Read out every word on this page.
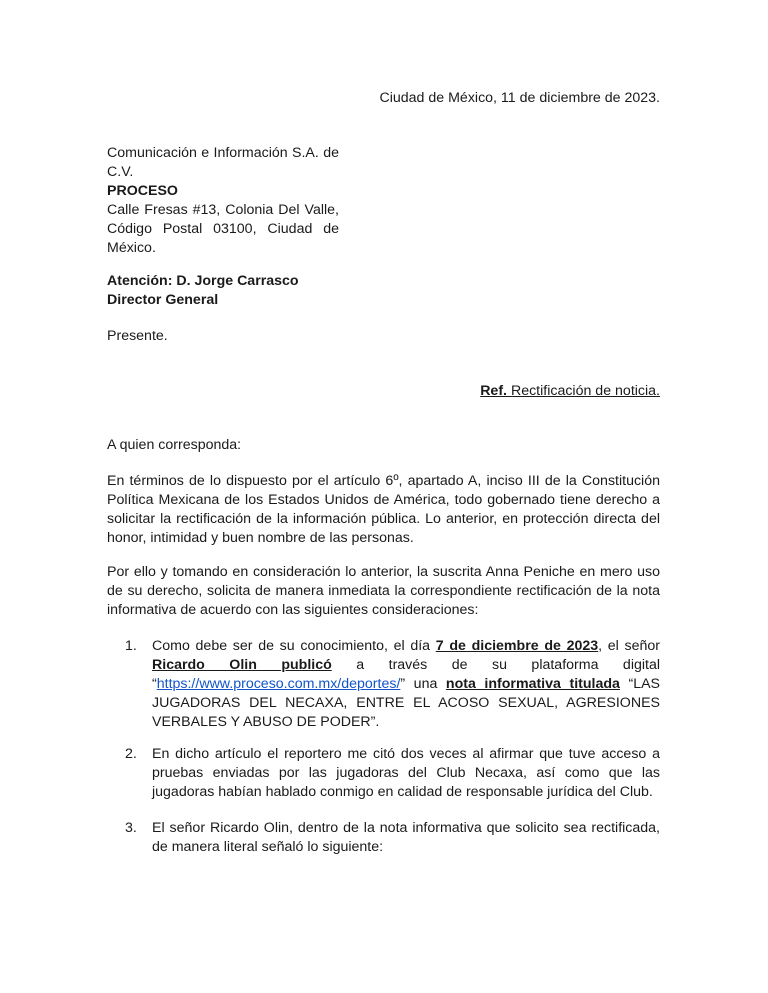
Ciudad de México, 11 de diciembre de 2023.
Comunicación e Información S.A. de C.V.
PROCESO
Calle Fresas #13, Colonia Del Valle, Código Postal 03100, Ciudad de México.
Atención: D. Jorge Carrasco
Director General
Presente.
Ref. Rectificación de noticia.
A quien corresponda:
En términos de lo dispuesto por el artículo 6º, apartado A, inciso III de la Constitución Política Mexicana de los Estados Unidos de América, todo gobernado tiene derecho a solicitar la rectificación de la información pública. Lo anterior, en protección directa del honor, intimidad y buen nombre de las personas.
Por ello y tomando en consideración lo anterior, la suscrita Anna Peniche en mero uso de su derecho, solicita de manera inmediata la correspondiente rectificación de la nota informativa de acuerdo con las siguientes consideraciones:
1. Como debe ser de su conocimiento, el día 7 de diciembre de 2023, el señor Ricardo Olin publicó a través de su plataforma digital “https://www.proceso.com.mx/deportes/” una nota informativa titulada “LAS JUGADORAS DEL NECAXA, ENTRE EL ACOSO SEXUAL, AGRESIONES VERBALES Y ABUSO DE PODER”.
2. En dicho artículo el reportero me citó dos veces al afirmar que tuve acceso a pruebas enviadas por las jugadoras del Club Necaxa, así como que las jugadoras habían hablado conmigo en calidad de responsable jurídica del Club.
3. El señor Ricardo Olin, dentro de la nota informativa que solicito sea rectificada, de manera literal señaló lo siguiente:
